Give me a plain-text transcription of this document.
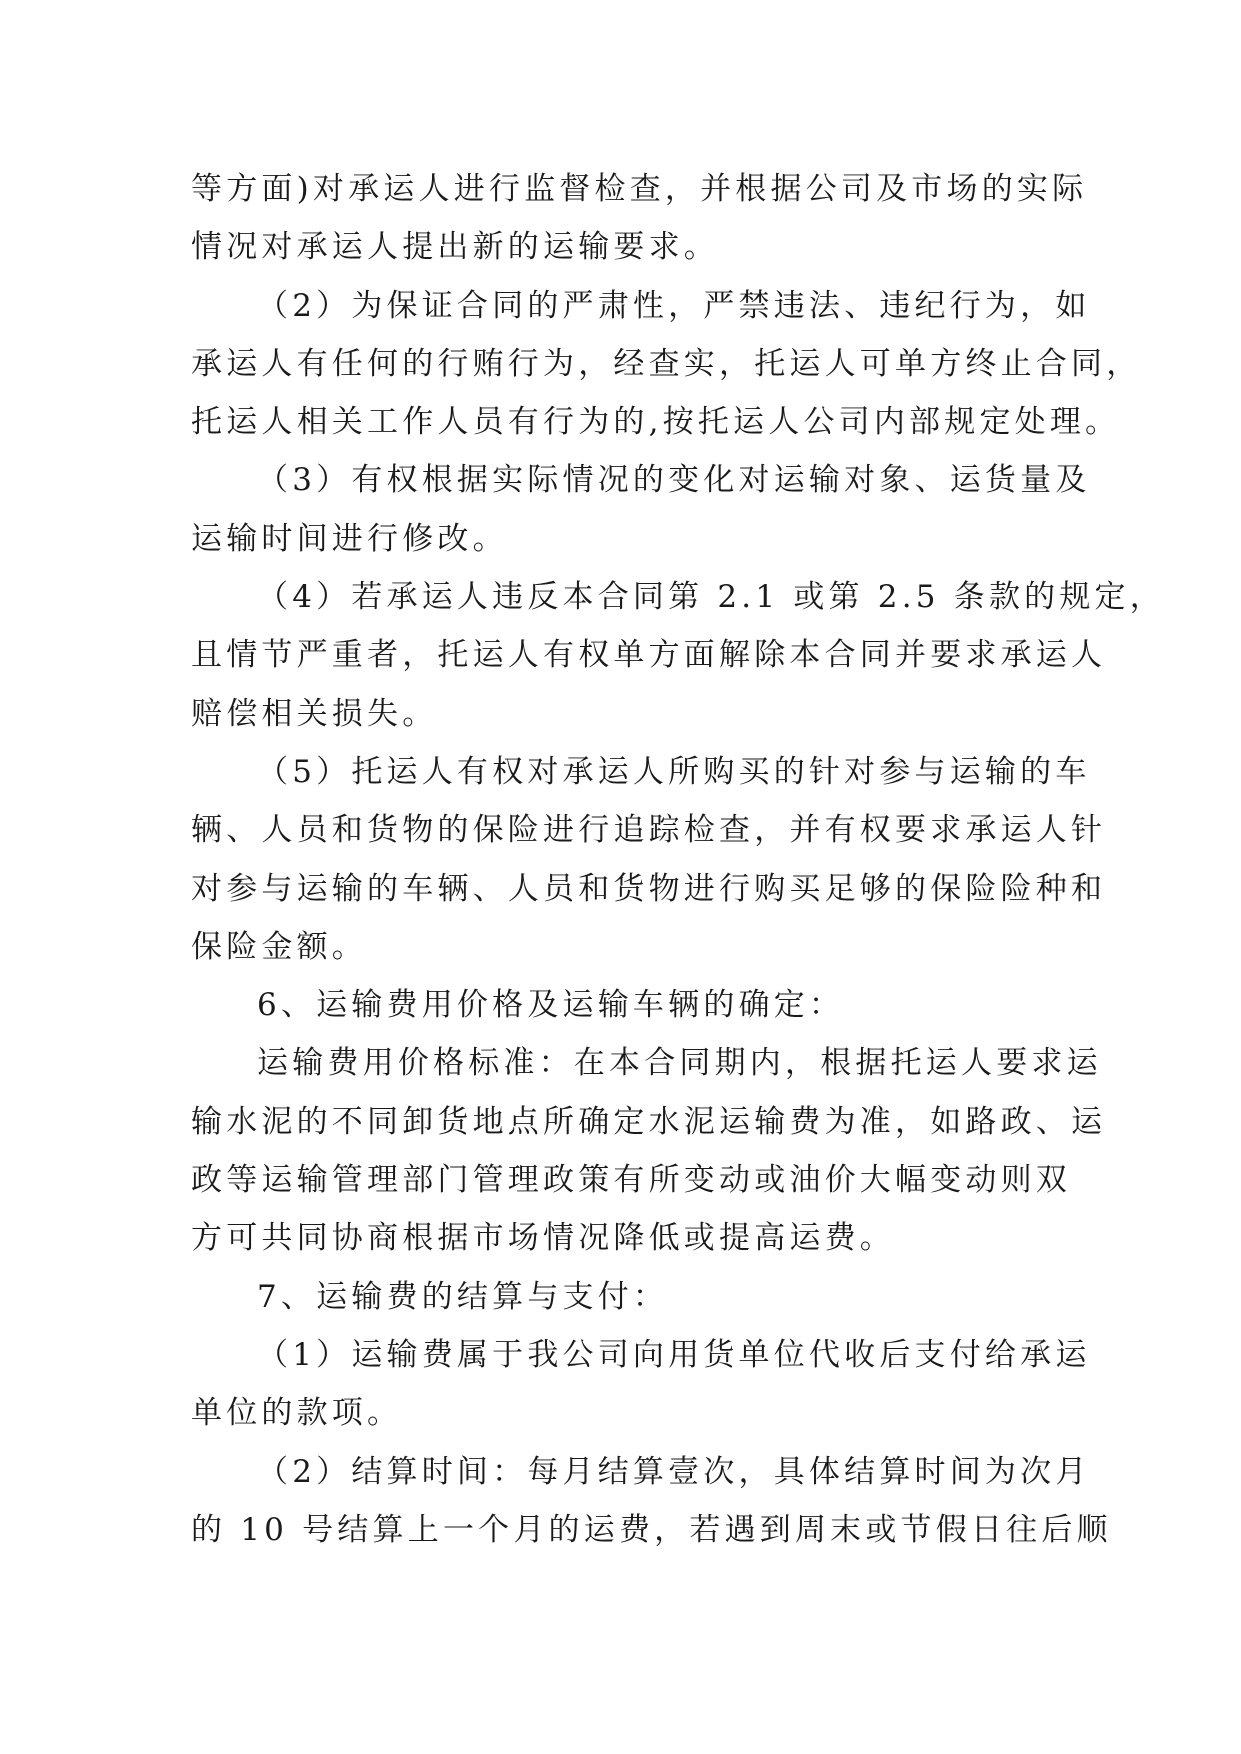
等方面)对承运人进行监督检查，并根据公司及市场的实际
情况对承运人提出新的运输要求。
（2）为保证合同的严肃性，严禁违法、违纪行为，如
承运人有任何的行贿行为，经查实，托运人可单方终止合同，
托运人相关工作人员有行为的,按托运人公司内部规定处理。
（3）有权根据实际情况的变化对运输对象、运货量及
运输时间进行修改。
（4）若承运人违反本合同第 2.1 或第 2.5 条款的规定，
且情节严重者，托运人有权单方面解除本合同并要求承运人
赔偿相关损失。
（5）托运人有权对承运人所购买的针对参与运输的车
辆、人员和货物的保险进行追踪检查，并有权要求承运人针
对参与运输的车辆、人员和货物进行购买足够的保险险种和
保险金额。
6、运输费用价格及运输车辆的确定：
运输费用价格标准：在本合同期内，根据托运人要求运
输水泥的不同卸货地点所确定水泥运输费为准，如路政、运
政等运输管理部门管理政策有所变动或油价大幅变动则双
方可共同协商根据市场情况降低或提高运费。
7、运输费的结算与支付：
（1）运输费属于我公司向用货单位代收后支付给承运
单位的款项。
（2）结算时间：每月结算壹次，具体结算时间为次月
的 10 号结算上一个月的运费，若遇到周末或节假日往后顺
